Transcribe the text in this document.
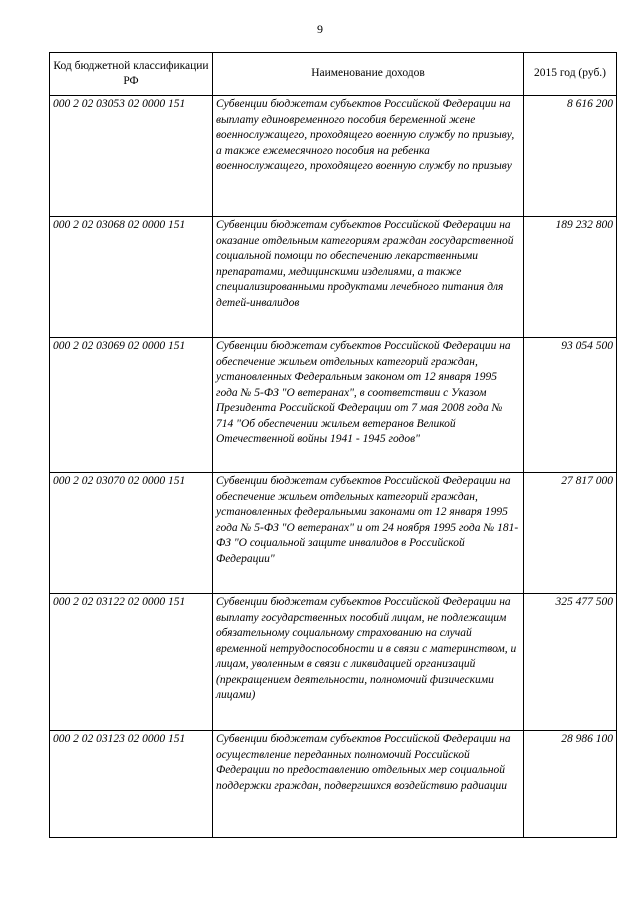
9
Код бюджетной классификации РФ	Наименование доходов	2015 год (руб.)
000 2 02 03053 02 0000 151	Субвенции бюджетам субъектов Российской Федерации на выплату единовременного пособия беременной жене военнослужащего, проходящего военную службу по призыву, а также ежемесячного пособия на ребенка военнослужащего, проходящего военную службу по призыву	8 616 200
000 2 02 03068 02 0000 151	Субвенции бюджетам субъектов Российской Федерации на оказание отдельным категориям граждан государственной социальной помощи по обеспечению лекарственными препаратами, медицинскими изделиями, а также специализированными продуктами лечебного питания для детей-инвалидов	189 232 800
000 2 02 03069 02 0000 151	Субвенции бюджетам субъектов Российской Федерации на обеспечение жильем отдельных категорий граждан, установленных Федеральным законом от 12 января 1995 года № 5-ФЗ "О ветеранах", в соответствии с Указом Президента Российской Федерации от 7 мая 2008 года № 714 "Об обеспечении жильем ветеранов Великой Отечественной войны 1941 - 1945 годов"	93 054 500
000 2 02 03070 02 0000 151	Субвенции бюджетам субъектов Российской Федерации на обеспечение жильем отдельных категорий граждан, установленных федеральными законами от 12 января 1995 года № 5-ФЗ "О ветеранах" и от 24 ноября 1995 года № 181-ФЗ "О социальной защите инвалидов в Российской Федерации"	27 817 000
000 2 02 03122 02 0000 151	Субвенции бюджетам субъектов Российской Федерации на выплату государственных пособий лицам, не подлежащим обязательному социальному страхованию на случай временной нетрудоспособности и в связи с материнством, и лицам, уволенным в связи с ликвидацией организаций (прекращением деятельности, полномочий физическими лицами)	325 477 500
000 2 02 03123 02 0000 151	Субвенции бюджетам субъектов Российской Федерации на осуществление переданных полномочий Российской Федерации по предоставлению отдельных мер социальной поддержки граждан, подвергшихся воздействию радиации	28 986 100
